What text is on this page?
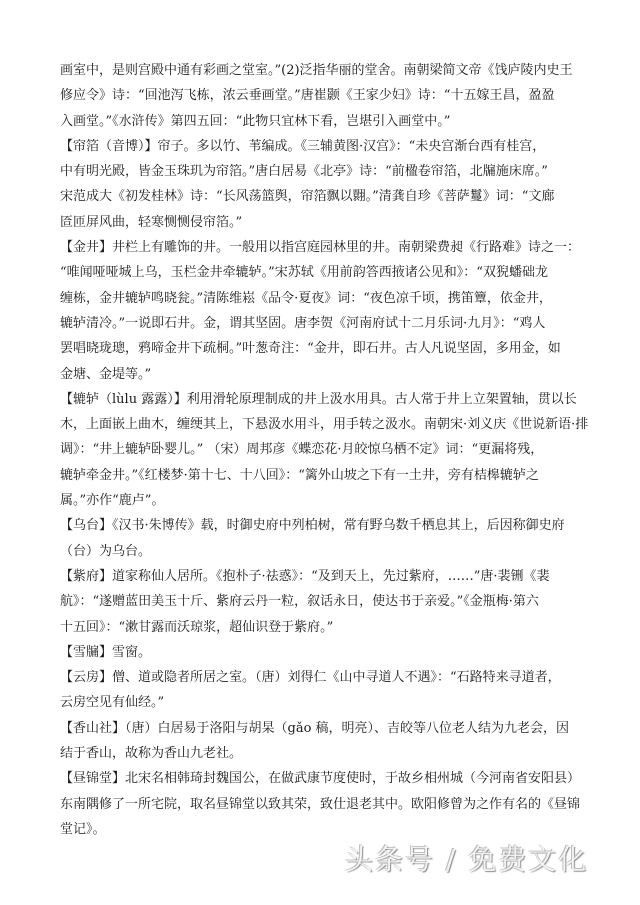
画室中，是则宫殿中通有彩画之堂室。”(2)泛指华丽的堂舍。南朝梁简文帝《饯庐陵内史王
修应令》诗：“回池泻飞栋，浓云垂画堂。”唐崔颢《王家少妇》诗：“十五嫁王昌，盈盈
入画堂。”《水浒传》第四五回：“此物只宜林下看，岂堪引入画堂中。”
【帘箔（音博）】帘子。多以竹、苇编成。《三辅黄图·汉宫》：“未央宫渐台西有桂宫，
中有明光殿，皆金玉珠玑为帘箔。”唐白居易《北亭》诗：“前楹卷帘箔，北牖施床席。”
宋范成大《初发桂林》诗：“长风荡篮舆，帘箔飘以翾。”清龚自珍《菩萨鬘》词：“文廊
匼匝屏风曲，轻寒恻恻侵帘箔。”
【金井】井栏上有雕饰的井。一般用以指宫庭园林里的井。南朝梁费昶《行路难》诗之一：
“唯闻哑哑城上乌，玉栏金井牵辘轳。”宋苏轼《用前韵答西掖诸公见和》：“双猊蟠础龙
缠栋，金井辘轳鸣晓瓮。”清陈维崧《品令·夏夜》词：“夜色凉千顷，携笛簟，依金井，
辘轳清冷。”一说即石井。金，谓其坚固。唐李贺《河南府试十二月乐词·九月》：“鸡人
罢唱晓珑璁，鸦啼金井下疏桐。”叶葱奇注：“金井，即石井。古人凡说坚固，多用金，如
金塘、金堤等。”
【辘轳（lùlu 露露）】利用滑轮原理制成的井上汲水用具。古人常于井上立架置轴，贯以长
木，上面嵌上曲木，缠绠其上，下悬汲水用斗，用手转之汲水。南朝宋·刘义庆《世说新语·排
调》：“井上辘轳卧婴儿。” （宋）周邦彦《蝶恋花·月皎惊乌栖不定》词：“更漏将残，
辘轳牵金井。”《红楼梦·第十七、十八回》：“篱外山坡之下有一土井，旁有桔槔辘轳之
属。”亦作“鹿卢”。
【乌台】《汉书·朱博传》载，时御史府中列柏树，常有野乌数千栖息其上，后因称御史府
（台）为乌台。
【紫府】道家称仙人居所。《抱朴子·祛惑》：“及到天上，先过紫府，……”唐·裴铏《裴
航》：“遂赠蓝田美玉十斤、紫府云丹一粒，叙话永日，使达书于亲爱。”《金瓶梅·第六
十五回》：“漱甘露而沃琼浆，超仙识登于紫府。”
【雪牖】雪窗。
【云房】僧、道或隐者所居之室。（唐）刘得仁《山中寻道人不遇》：“石路特来寻道者，
云房空见有仙经。”
【香山社】（唐）白居易于洛阳与胡杲（gǎo 稿，明亮）、吉皎等八位老人结为九老会，因
结于香山，故称为香山九老社。
【昼锦堂】北宋名相韩琦封魏国公，在做武康节度使时，于故乡相州城（今河南省安阳县）
东南隅修了一所宅院，取名昼锦堂以致其荣，致仕退老其中。欧阳修曾为之作有名的《昼锦
堂记》。
头条号 / 免费文化
